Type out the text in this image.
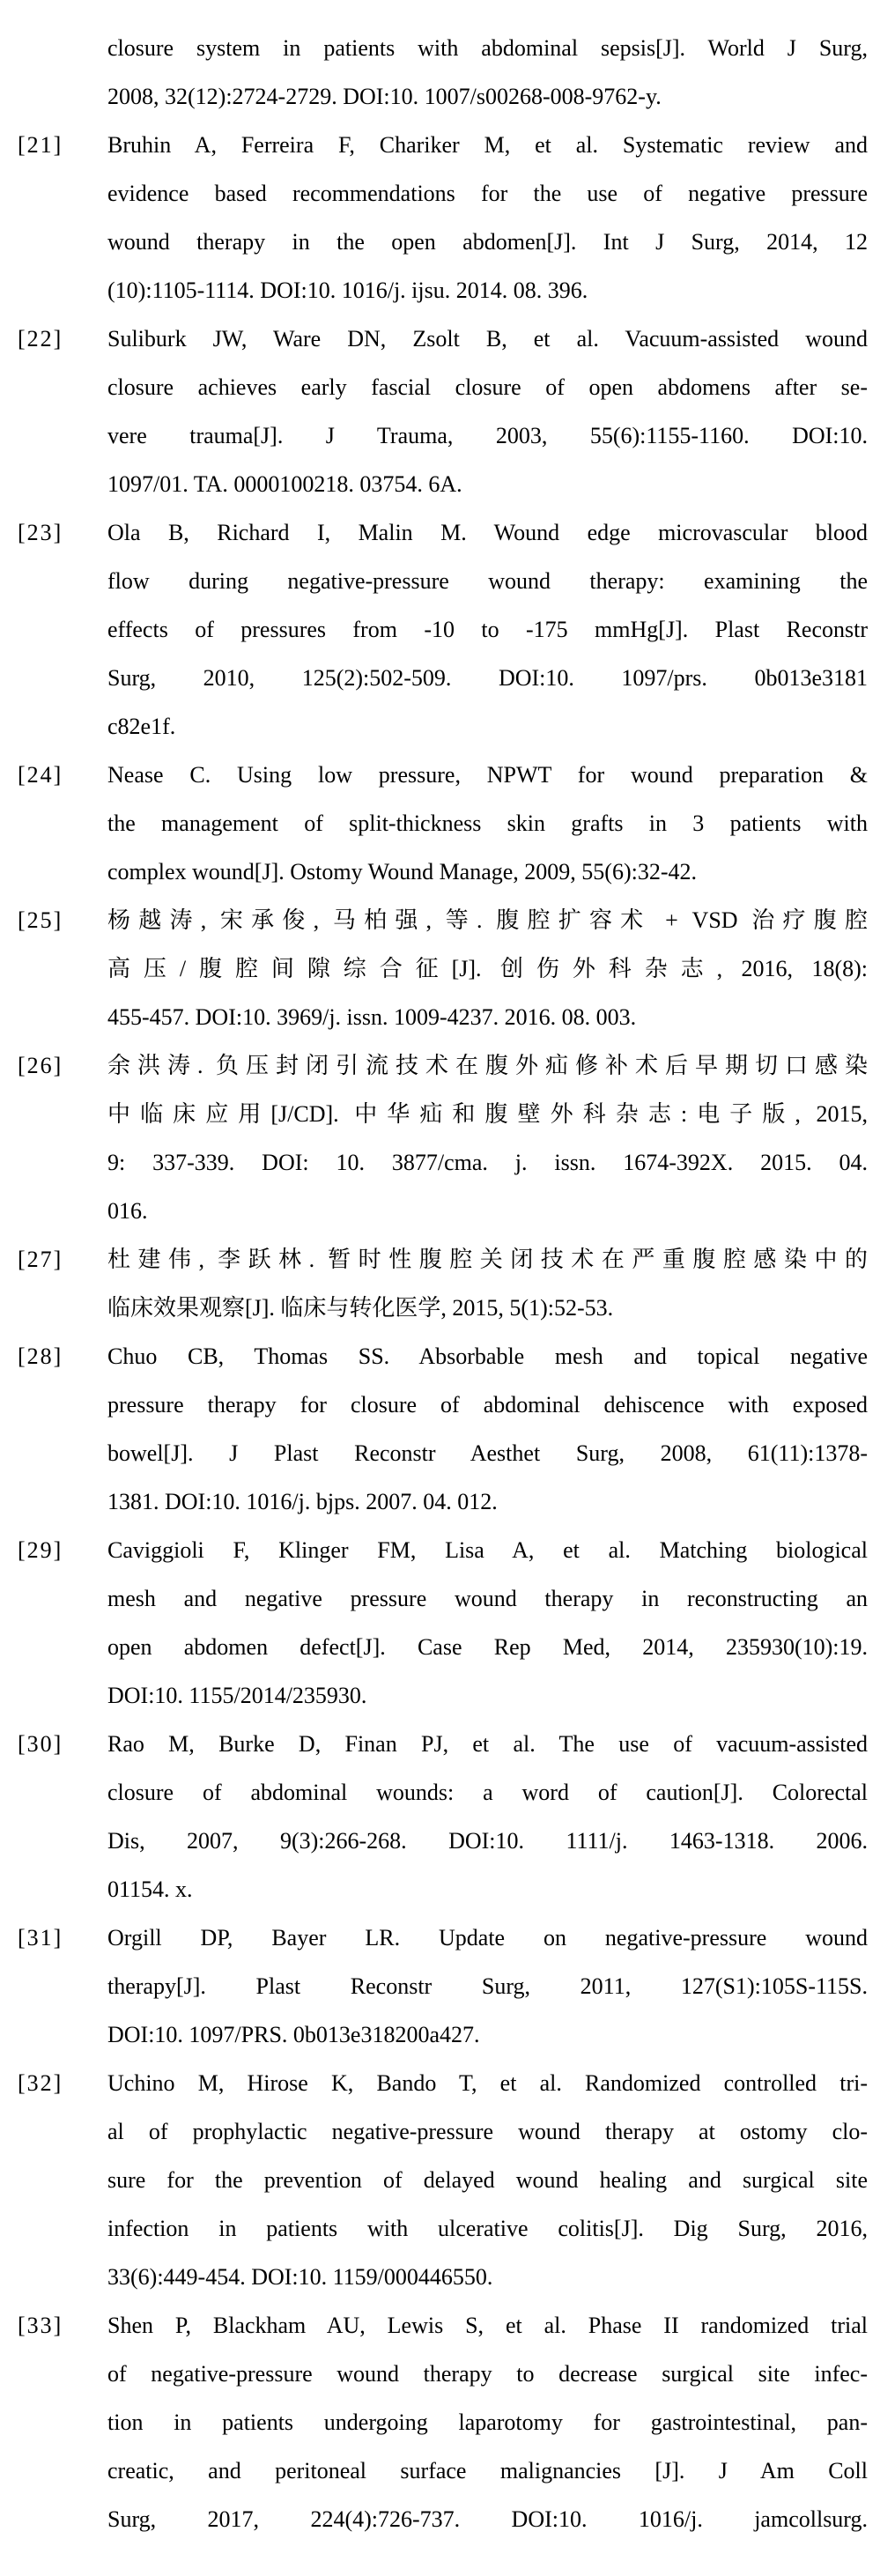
closure system in patients with abdominal sepsis[J]. World J Surg,
2008, 32(12):2724-2729. DOI:10. 1007/s00268-008-9762-y.
[21]	Bruhin A, Ferreira F, Chariker M, et al. Systematic review and
evidence based recommendations for the use of negative pressure
wound therapy in the open abdomen[J]. Int J Surg, 2014, 12
(10):1105-1114. DOI:10. 1016/j. ijsu. 2014. 08. 396.
[22]	Suliburk JW, Ware DN, Zsolt B, et al. Vacuum-assisted wound
closure achieves early fascial closure of open abdomens after se-
vere trauma[J]. J Trauma, 2003, 55(6):1155-1160. DOI:10.
1097/01. TA. 0000100218. 03754. 6A.
[23]	Ola B, Richard I, Malin M. Wound edge microvascular blood
flow during negative-pressure wound therapy: examining the
effects of pressures from -10 to -175 mmHg[J]. Plast Reconstr
Surg, 2010, 125(2):502-509. DOI:10. 1097/prs. 0b013e3181
c82e1f.
[24]	Nease C. Using low pressure, NPWT for wound preparation &
the management of split-thickness skin grafts in 3 patients with
complex wound[J]. Ostomy Wound Manage, 2009, 55(6):32-42.
[25]	杨越涛, 宋承俊, 马柏强, 等. 腹腔扩容术 + VSD 治疗腹腔
高压/腹腔间隙综合征[J]. 创伤外科杂志, 2016, 18(8):
455-457. DOI:10. 3969/j. issn. 1009-4237. 2016. 08. 003.
[26]	余洪涛. 负压封闭引流技术在腹外疝修补术后早期切口感染
中临床应用[J/CD]. 中华疝和腹壁外科杂志:电子版, 2015,
9: 337-339. DOI: 10. 3877/cma. j. issn. 1674-392X. 2015. 04.
016.
[27]	杜建伟, 李跃林. 暂时性腹腔关闭技术在严重腹腔感染中的
临床效果观察[J]. 临床与转化医学, 2015, 5(1):52-53.
[28]	Chuo CB, Thomas SS. Absorbable mesh and topical negative
pressure therapy for closure of abdominal dehiscence with exposed
bowel[J]. J Plast Reconstr Aesthet Surg, 2008, 61(11):1378-
1381. DOI:10. 1016/j. bjps. 2007. 04. 012.
[29]	Caviggioli F, Klinger FM, Lisa A, et al. Matching biological
mesh and negative pressure wound therapy in reconstructing an
open abdomen defect[J]. Case Rep Med, 2014, 235930(10):19.
DOI:10. 1155/2014/235930.
[30]	Rao M, Burke D, Finan PJ, et al. The use of vacuum-assisted
closure of abdominal wounds: a word of caution[J]. Colorectal
Dis, 2007, 9(3):266-268. DOI:10. 1111/j. 1463-1318. 2006.
01154. x.
[31]	Orgill DP, Bayer LR. Update on negative-pressure wound
therapy[J]. Plast Reconstr Surg, 2011, 127(S1):105S-115S.
DOI:10. 1097/PRS. 0b013e318200a427.
[32]	Uchino M, Hirose K, Bando T, et al. Randomized controlled tri-
al of prophylactic negative-pressure wound therapy at ostomy clo-
sure for the prevention of delayed wound healing and surgical site
infection in patients with ulcerative colitis[J]. Dig Surg, 2016,
33(6):449-454. DOI:10. 1159/000446550.
[33]	Shen P, Blackham AU, Lewis S, et al. Phase II randomized trial
of negative-pressure wound therapy to decrease surgical site infec-
tion in patients undergoing laparotomy for gastrointestinal, pan-
creatic, and peritoneal surface malignancies [J]. J Am Coll
Surg, 2017, 224(4):726-737. DOI:10. 1016/j. jamcollsurg.
